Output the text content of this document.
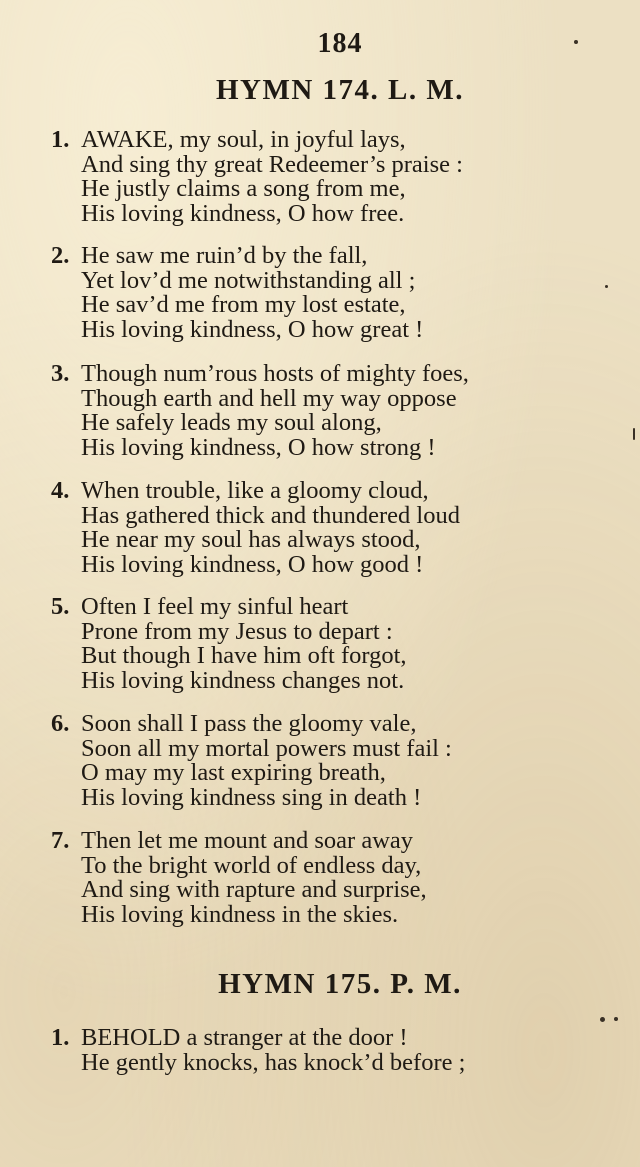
184
HYMN 174. L. M.
1. AWAKE, my soul, in joyful lays,
And sing thy great Redeemer’s praise :
He justly claims a song from me,
His loving kindness, O how free.
2. He saw me ruin’d by the fall,
Yet lov’d me notwithstanding all ;
He sav’d me from my lost estate,
His loving kindness, O how great !
3. Though num’rous hosts of mighty foes,
Though earth and hell my way oppose
He safely leads my soul along,
His loving kindness, O how strong !
4. When trouble, like a gloomy cloud,
Has gathered thick and thundered loud
He near my soul has always stood,
His loving kindness, O how good !
5. Often I feel my sinful heart
Prone from my Jesus to depart :
But though I have him oft forgot,
His loving kindness changes not.
6. Soon shall I pass the gloomy vale,
Soon all my mortal powers must fail :
O may my last expiring breath,
His loving kindness sing in death !
7. Then let me mount and soar away
To the bright world of endless day,
And sing with rapture and surprise,
His loving kindness in the skies.
HYMN 175. P. M.
1. BEHOLD a stranger at the door !
He gently knocks, has knock’d before ;
